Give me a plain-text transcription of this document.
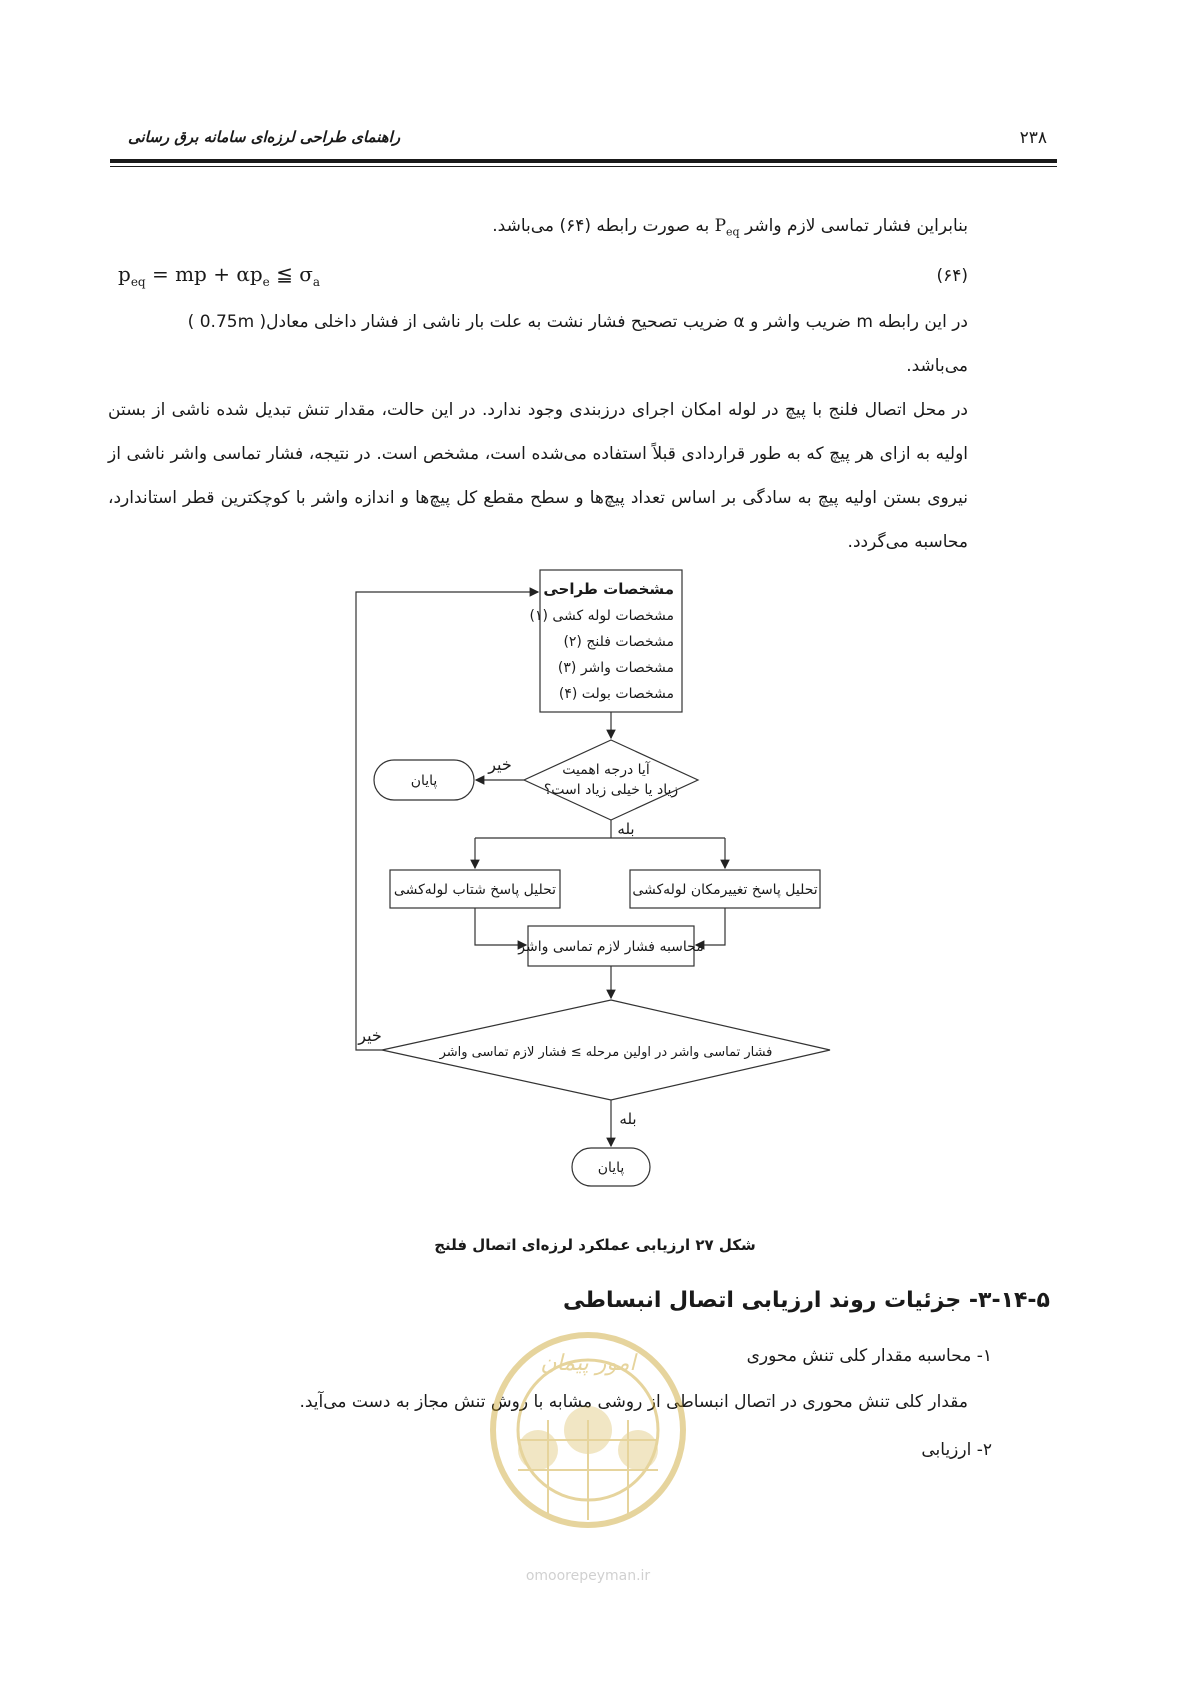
راهنمای طراحی لرزه‌ای سامانه برق رسانی	۲۳۸
بنابراین فشار تماسی لازم واشر $P_{eq}$ به صورت رابطه (۶۴) می‌باشد.
$p_{eq}$ = mp + $\alpha p_e$ ≦ $\sigma_a$	(۶۴)
در این رابطه m ضریب واشر و α ضریب تصحیح فشار نشت به علت بار ناشی از فشار داخلی معادل( 0.75m )
می‌باشد.
در محل اتصال فلنج با پیچ در لوله امکان اجرای درزبندی وجود ندارد. در این حالت، مقدار تنش تبدیل شده ناشی از بستن اولیه به ازای هر پیچ که به طور قراردادی قبلاً استفاده می‌شده است، مشخص است. در نتیجه، فشار تماسی واشر ناشی از نیروی بستن اولیه پیچ به سادگی بر اساس تعداد پیچ‌ها و سطح مقطع کل پیچ‌ها و اندازه واشر با کوچکترین قطر استاندارد، محاسبه می‌گردد.
مشخصات طراحی
(۱) مشخصات لوله کشی
(۲) مشخصات فلنج
(۳) مشخصات واشر
(۴) مشخصات بولت
آیا درجه اهمیت
زیاد یا خیلی زیاد است؟
خیر
پایان
بله
تحلیل پاسخ شتاب لوله‌کشی	تحلیل پاسخ تغییرمکان لوله‌کشی
محاسبه فشار لازم تماسی واشر
فشار تماسی واشر در اولین مرحله ≥ فشار لازم تماسی واشر
خیر
بله
پایان
شکل ۲۷ ارزیابی عملکرد لرزه‌ای اتصال فلنج
۳-۱۴-۵- جزئیات روند ارزیابی اتصال انبساطی
۱- محاسبه مقدار کلی تنش محوری
مقدار کلی تنش محوری در اتصال انبساطی از روشی مشابه با روش تنش مجاز به دست می‌آید.
۲- ارزیابی
امور پیمان
omoorepeyman.ir
